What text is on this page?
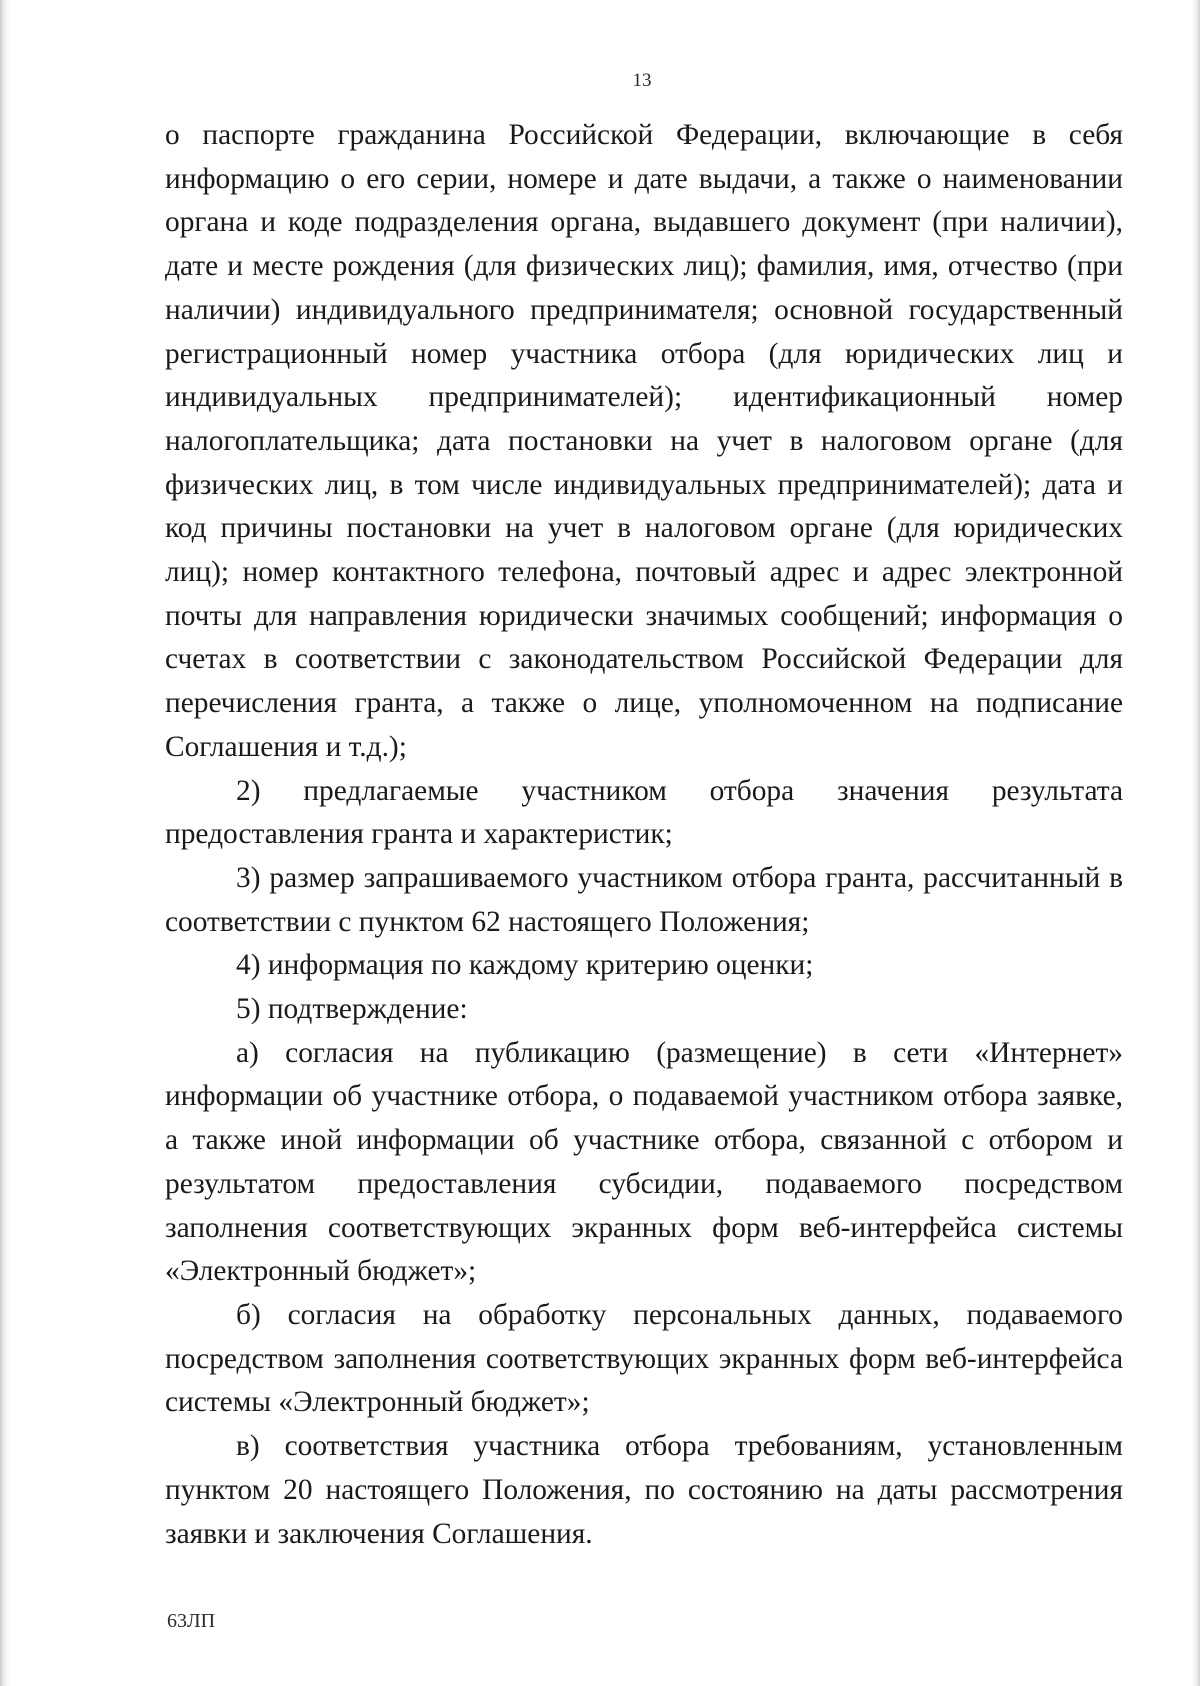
13

о паспорте гражданина Российской Федерации, включающие в себя информацию о его серии, номере и дате выдачи, а также о наименовании органа и коде подразделения органа, выдавшего документ (при наличии), дате и месте рождения (для физических лиц); фамилия, имя, отчество (при наличии) индивидуального предпринимателя; основной государственный регистрационный номер участника отбора (для юридических лиц и индивидуальных предпринимателей); идентификационный номер налогоплательщика; дата постановки на учет в налоговом органе (для физических лиц, в том числе индивидуальных предпринимателей); дата и код причины постановки на учет в налоговом органе (для юридических лиц); номер контактного телефона, почтовый адрес и адрес электронной почты для направления юридически значимых сообщений; информация о счетах в соответствии с законодательством Российской Федерации для перечисления гранта, а также о лице, уполномоченном на подписание Соглашения и т.д.);

2) предлагаемые участником отбора значения результата предоставления гранта и характеристик;

3) размер запрашиваемого участником отбора гранта, рассчитанный в соответствии с пунктом 62 настоящего Положения;

4) информация по каждому критерию оценки;

5) подтверждение:

а) согласия на публикацию (размещение) в сети «Интернет» информации об участнике отбора, о подаваемой участником отбора заявке, а также иной информации об участнике отбора, связанной с отбором и результатом предоставления субсидии, подаваемого посредством заполнения соответствующих экранных форм веб-интерфейса системы «Электронный бюджет»;

б) согласия на обработку персональных данных, подаваемого посредством заполнения соответствующих экранных форм веб-интерфейса системы «Электронный бюджет»;

в) соответствия участника отбора требованиям, установленным пунктом 20 настоящего Положения, по состоянию на даты рассмотрения заявки и заключения Соглашения.

63ЛП
